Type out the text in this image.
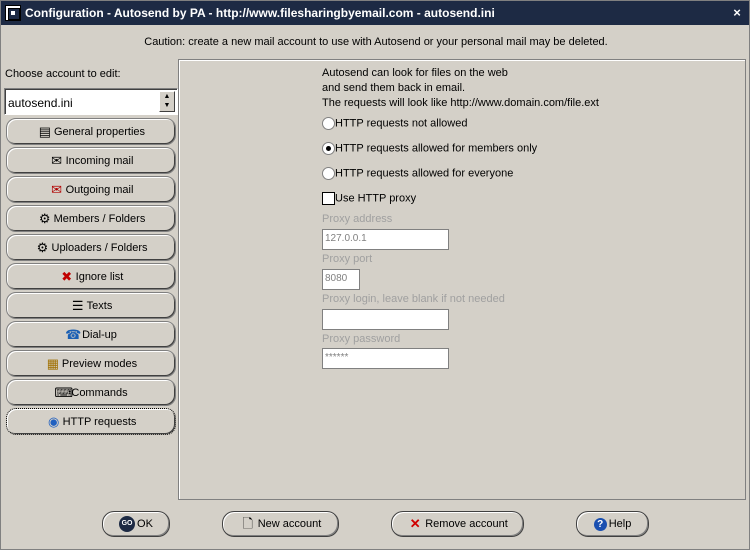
Configuration - Autosend by PA - http://www.filesharingbyemail.com - autosend.ini	×
Caution: create a new mail account to use with Autosend or your personal mail may be deleted.
Choose account to edit:
autosend.ini	▲
▼
▤ General properties
✉ Incoming mail
✉ Outgoing mail
⚙ Members / Folders
⚙ Uploaders / Folders
✖ Ignore list
☰ Texts
☎ Dial-up
▦ Preview modes
⌨
Commands
◉ HTTP requests
Autosend can look for files on the web
and send them back in email.
The requests will look like http://www.domain.com/file.ext
HTTP requests not allowed
HTTP requests allowed for members only
HTTP requests allowed for everyone
Use HTTP proxy
Proxy address
127.0.0.1
Proxy port
8080
Proxy login, leave blank if not needed
Proxy password
******
GO OK	🗋 New account	✕ Remove account	? Help
